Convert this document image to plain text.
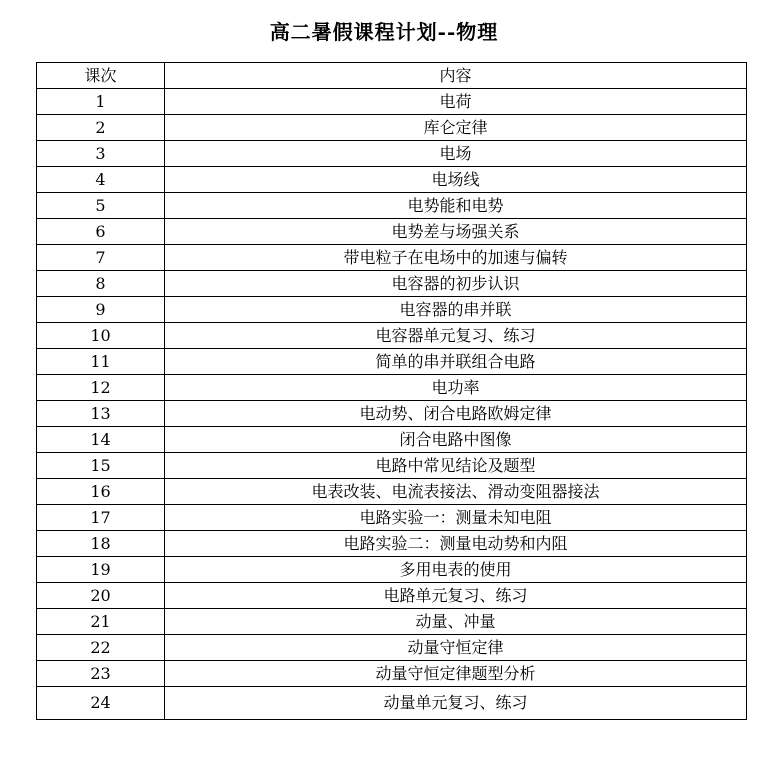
高二暑假课程计划--物理
课次	内容
1	电荷
2	库仑定律
3	电场
4	电场线
5	电势能和电势
6	电势差与场强关系
7	带电粒子在电场中的加速与偏转
8	电容器的初步认识
9	电容器的串并联
10	电容器单元复习、练习
11	简单的串并联组合电路
12	电功率
13	电动势、闭合电路欧姆定律
14	闭合电路中图像
15	电路中常见结论及题型
16	电表改装、电流表接法、滑动变阻器接法
17	电路实验一：测量未知电阻
18	电路实验二：测量电动势和内阻
19	多用电表的使用
20	电路单元复习、练习
21	动量、冲量
22	动量守恒定律
23	动量守恒定律题型分析
24	动量单元复习、练习
